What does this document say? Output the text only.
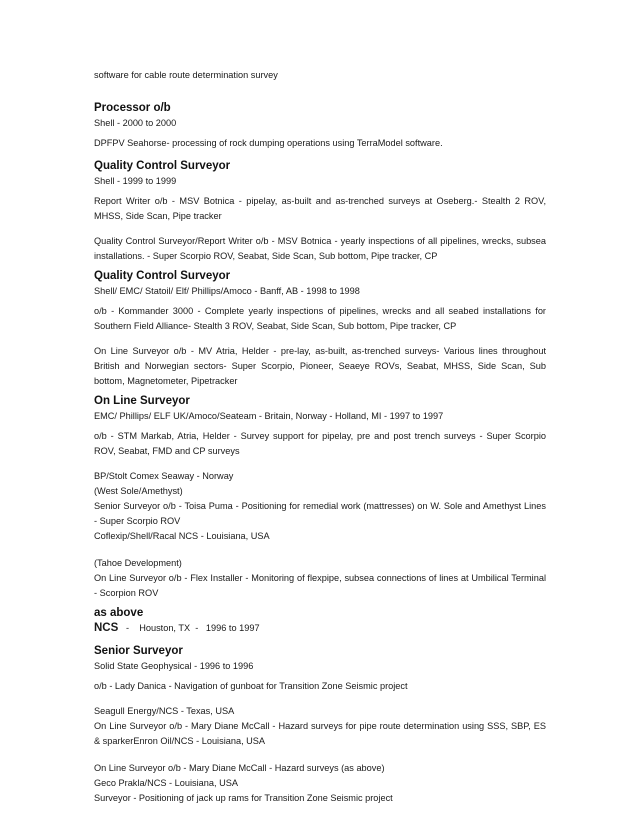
software for cable route determination survey

Processor o/b

Shell - 2000 to 2000

DPFPV Seahorse- processing of rock dumping operations using TerraModel software.

Quality Control Surveyor

Shell - 1999 to 1999

Report Writer o/b - MSV Botnica - pipelay, as-built and as-trenched surveys at Oseberg.- Stealth 2 ROV, MHSS, Side Scan, Pipe tracker

Quality Control Surveyor/Report Writer o/b - MSV Botnica - yearly inspections of all pipelines, wrecks, subsea installations. - Super Scorpio ROV, Seabat, Side Scan, Sub bottom, Pipe tracker, CP

Quality Control Surveyor

Shell/ EMC/ Statoil/ Elf/ Phillips/Amoco - Banff, AB - 1998 to 1998

o/b - Kommander 3000 - Complete yearly inspections of pipelines, wrecks and all seabed installations for Southern Field Alliance- Stealth 3 ROV, Seabat, Side Scan, Sub bottom, Pipe tracker, CP

On Line Surveyor o/b - MV Atria, Helder - pre-lay, as-built, as-trenched surveys- Various lines throughout British and Norwegian sectors- Super Scorpio, Pioneer, Seaeye ROVs, Seabat, MHSS, Side Scan, Sub bottom, Magnetometer, Pipetracker

On Line Surveyor

EMC/ Phillips/ ELF UK/Amoco/Seateam - Britain, Norway - Holland, MI - 1997 to 1997

o/b - STM Markab, Atria, Helder - Survey support for pipelay, pre and post trench surveys - Super Scorpio ROV, Seabat, FMD and CP surveys

BP/Stolt Comex Seaway - Norway

(West Sole/Amethyst)

Senior Surveyor o/b - Toisa Puma - Positioning for remedial work (mattresses) on W. Sole and Amethyst Lines - Super Scorpio ROV

Coflexip/Shell/Racal NCS - Louisiana, USA

(Tahoe Development)

On Line Surveyor o/b - Flex Installer - Monitoring of flexpipe, subsea connections of lines at Umbilical Terminal - Scorpion ROV

as above

NCS   -    Houston, TX  -   1996 to 1997

Senior Surveyor

Solid State Geophysical - 1996 to 1996

o/b - Lady Danica - Navigation of gunboat for Transition Zone Seismic project

Seagull Energy/NCS - Texas, USA

On Line Surveyor o/b - Mary Diane McCall - Hazard surveys for pipe route determination using SSS, SBP, ES & sparkerEnron Oil/NCS - Louisiana, USA

On Line Surveyor o/b - Mary Diane McCall - Hazard surveys (as above)

Geco Prakla/NCS - Louisiana, USA

Surveyor - Positioning of jack up rams for Transition Zone Seismic project
